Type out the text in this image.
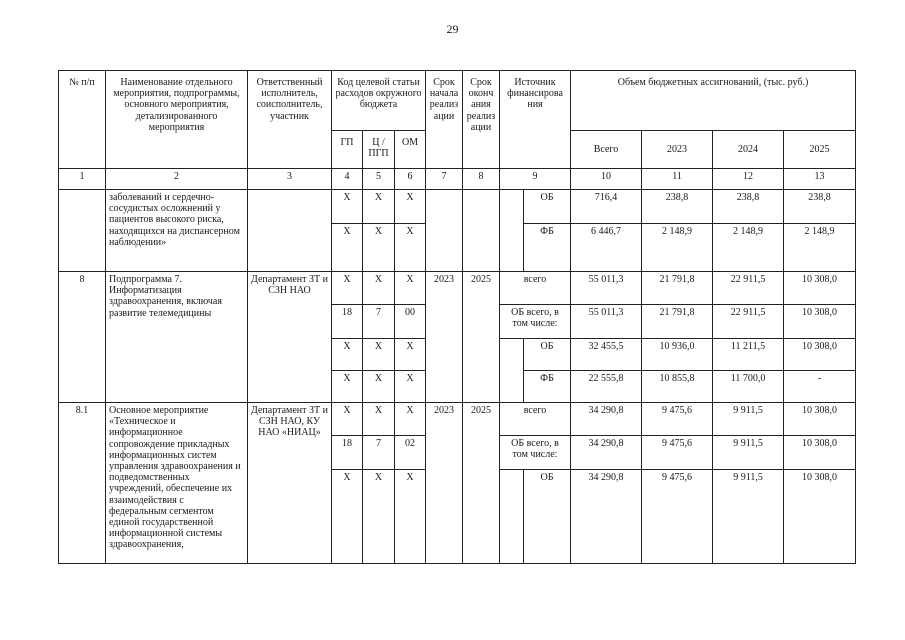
29
№ п/п	Наименование отдельного мероприятия, подпрограммы, основного мероприятия, детализированного мероприятия	Ответственный исполнитель, соисполнитель, участник	Код целевой статьи расходов окружного бюджета			Срок начала реализ ации	Срок оконч ания реализ ации	Источник финансирова ния		Объем бюджетных ассигнований, (тыс. руб.)			
			ГП	Ц / ПГП	ОМ					Всего	2023	2024	2025
1	2	3	4	5	6	7	8	9		10	11	12	13
	заболеваний и сердечно-сосудистых осложнений у пациентов высокого риска, находящихся на диспансерном наблюдении»		Х	Х	Х				ОБ	716,4	238,8	238,8	238,8
			Х	Х	Х				ФБ	6 446,7	2 148,9	2 148,9	2 148,9
8	Подпрограмма 7. Информатизация здравоохранения, включая развитие телемедицины	Департамент ЗТ и СЗН НАО	Х	Х	Х	2023	2025	всего		55 011,3	21 791,8	22 911,5	10 308,0
			18	7	00			ОБ всего, в том числе:		55 011,3	21 791,8	22 911,5	10 308,0
			Х	Х	Х				ОБ	32 455,5	10 936,0	11 211,5	10 308,0
			Х	Х	Х				ФБ	22 555,8	10 855,8	11 700,0	-
8.1	Основное мероприятие «Техническое и информационное сопровождение прикладных информационных систем управления здравоохранения и подведомственных учреждений, обеспечение их взаимодействия с федеральным сегментом единой государственной информационной системы здравоохранения,	Департамент ЗТ и СЗН НАО, КУ НАО «НИАЦ»	Х	Х	Х	2023	2025	всего		34 290,8	9 475,6	9 911,5	10 308,0
			18	7	02			ОБ всего, в том числе:		34 290,8	9 475,6	9 911,5	10 308,0
			Х	Х	Х				ОБ	34 290,8	9 475,6	9 911,5	10 308,0
